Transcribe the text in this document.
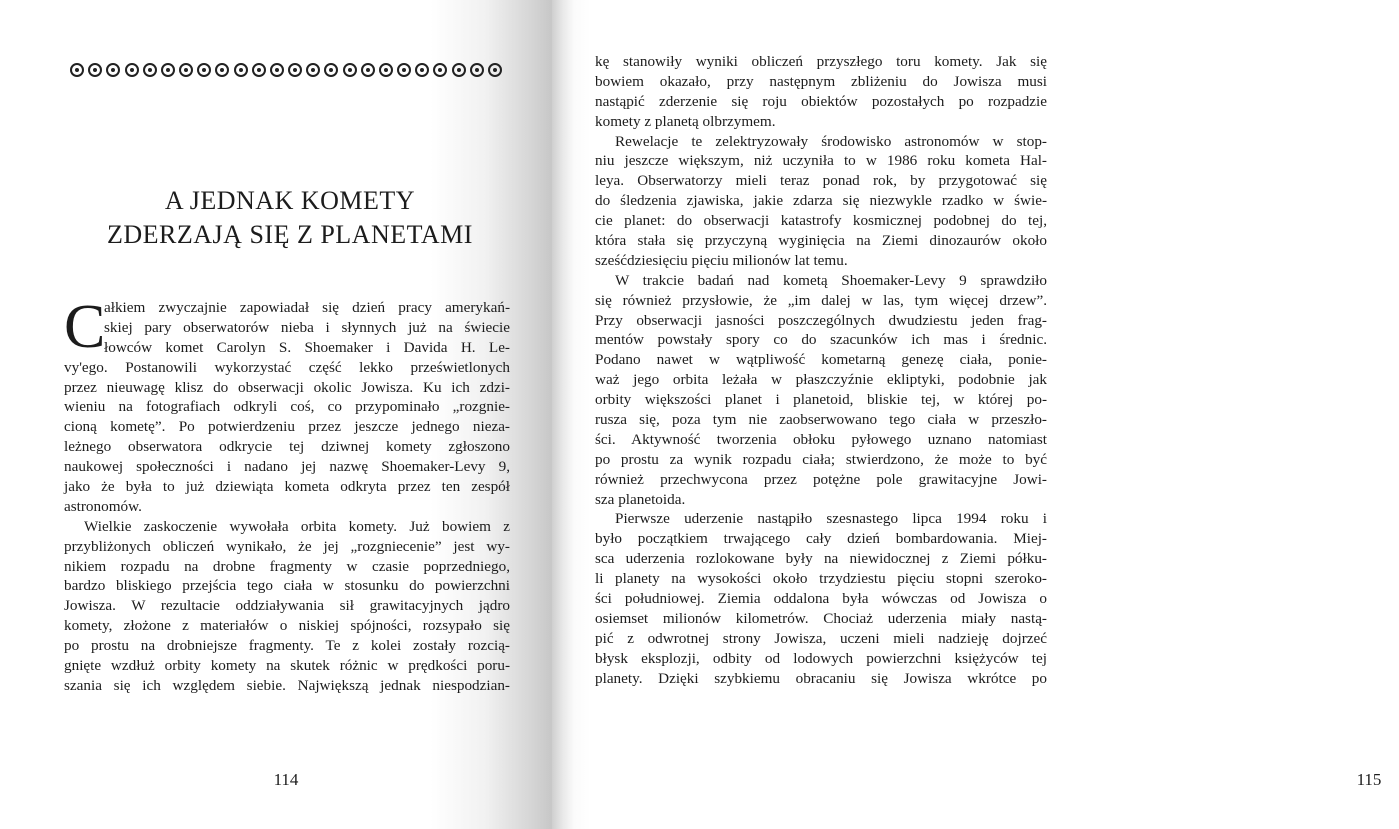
A JEDNAK KOMETY
ZDERZAJĄ SIĘ Z PLANETAMI
C
ałkiem zwyczajnie zapowiadał się dzień pracy amerykań-
skiej pary obserwatorów nieba i słynnych już na świecie
łowców komet Carolyn S. Shoemaker i Davida H. Le-
vy'ego. Postanowili wykorzystać część lekko prześwietlonych
przez nieuwagę klisz do obserwacji okolic Jowisza. Ku ich zdzi-
wieniu na fotografiach odkryli coś, co przypominało „rozgnie-
cioną kometę”. Po potwierdzeniu przez jeszcze jednego nieza-
leżnego obserwatora odkrycie tej dziwnej komety zgłoszono
naukowej społeczności i nadano jej nazwę Shoemaker-Levy 9,
jako że była to już dziewiąta kometa odkryta przez ten zespół
astronomów.
Wielkie zaskoczenie wywołała orbita komety. Już bowiem z
przybliżonych obliczeń wynikało, że jej „rozgniecenie” jest wy-
nikiem rozpadu na drobne fragmenty w czasie poprzedniego,
bardzo bliskiego przejścia tego ciała w stosunku do powierzchni
Jowisza. W rezultacie oddziaływania sił grawitacyjnych jądro
komety, złożone z materiałów o niskiej spójności, rozsypało się
po prostu na drobniejsze fragmenty. Te z kolei zostały rozcią-
gnięte wzdłuż orbity komety na skutek różnic w prędkości poru-
szania się ich względem siebie. Największą jednak niespodzian-
114	115
kę stanowiły wyniki obliczeń przyszłego toru komety. Jak się
bowiem okazało, przy następnym zbliżeniu do Jowisza musi
nastąpić zderzenie się roju obiektów pozostałych po rozpadzie
komety z planetą olbrzymem.
Rewelacje te zelektryzowały środowisko astronomów w stop-
niu jeszcze większym, niż uczyniła to w 1986 roku kometa Hal-
leya. Obserwatorzy mieli teraz ponad rok, by przygotować się
do śledzenia zjawiska, jakie zdarza się niezwykle rzadko w świe-
cie planet: do obserwacji katastrofy kosmicznej podobnej do tej,
która stała się przyczyną wyginięcia na Ziemi dinozaurów około
sześćdziesięciu pięciu milionów lat temu.
W trakcie badań nad kometą Shoemaker-Levy 9 sprawdziło
się również przysłowie, że „im dalej w las, tym więcej drzew”.
Przy obserwacji jasności poszczególnych dwudziestu jeden frag-
mentów powstały spory co do szacunków ich mas i średnic.
Podano nawet w wątpliwość kometarną genezę ciała, ponie-
waż jego orbita leżała w płaszczyźnie ekliptyki, podobnie jak
orbity większości planet i planetoid, bliskie tej, w której po-
rusza się, poza tym nie zaobserwowano tego ciała w przeszło-
ści. Aktywność tworzenia obłoku pyłowego uznano natomiast
po prostu za wynik rozpadu ciała; stwierdzono, że może to być
również przechwycona przez potężne pole grawitacyjne Jowi-
sza planetoida.
Pierwsze uderzenie nastąpiło szesnastego lipca 1994 roku i
było początkiem trwającego cały dzień bombardowania. Miej-
sca uderzenia rozlokowane były na niewidocznej z Ziemi półku-
li planety na wysokości około trzydziestu pięciu stopni szeroko-
ści południowej. Ziemia oddalona była wówczas od Jowisza o
osiemset milionów kilometrów. Chociaż uderzenia miały nastą-
pić z odwrotnej strony Jowisza, uczeni mieli nadzieję dojrzeć
błysk eksplozji, odbity od lodowych powierzchni księżyców tej
planety. Dzięki szybkiemu obracaniu się Jowisza wkrótce po
